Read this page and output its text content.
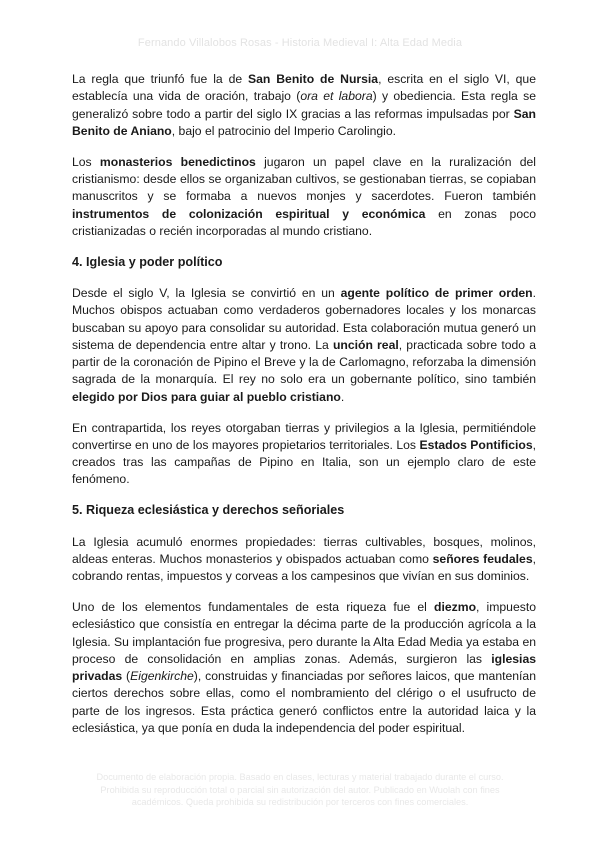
Fernando Villalobos Rosas - Historia Medieval I: Alta Edad Media

La regla que triunfó fue la de San Benito de Nursia, escrita en el siglo VI, que establecía una vida de oración, trabajo (ora et labora) y obediencia. Esta regla se generalizó sobre todo a partir del siglo IX gracias a las reformas impulsadas por San Benito de Aniano, bajo el patrocinio del Imperio Carolingio.

Los monasterios benedictinos jugaron un papel clave en la ruralización del cristianismo: desde ellos se organizaban cultivos, se gestionaban tierras, se copiaban manuscritos y se formaba a nuevos monjes y sacerdotes. Fueron también instrumentos de colonización espiritual y económica en zonas poco cristianizadas o recién incorporadas al mundo cristiano.

4. Iglesia y poder político

Desde el siglo V, la Iglesia se convirtió en un agente político de primer orden. Muchos obispos actuaban como verdaderos gobernadores locales y los monarcas buscaban su apoyo para consolidar su autoridad. Esta colaboración mutua generó un sistema de dependencia entre altar y trono. La unción real, practicada sobre todo a partir de la coronación de Pipino el Breve y la de Carlomagno, reforzaba la dimensión sagrada de la monarquía. El rey no solo era un gobernante político, sino también elegido por Dios para guiar al pueblo cristiano.

En contrapartida, los reyes otorgaban tierras y privilegios a la Iglesia, permitiéndole convertirse en uno de los mayores propietarios territoriales. Los Estados Pontificios, creados tras las campañas de Pipino en Italia, son un ejemplo claro de este fenómeno.

5. Riqueza eclesiástica y derechos señoriales

La Iglesia acumuló enormes propiedades: tierras cultivables, bosques, molinos, aldeas enteras. Muchos monasterios y obispados actuaban como señores feudales, cobrando rentas, impuestos y corveas a los campesinos que vivían en sus dominios.

Uno de los elementos fundamentales de esta riqueza fue el diezmo, impuesto eclesiástico que consistía en entregar la décima parte de la producción agrícola a la Iglesia. Su implantación fue progresiva, pero durante la Alta Edad Media ya estaba en proceso de consolidación en amplias zonas. Además, surgieron las iglesias privadas (Eigenkirche), construidas y financiadas por señores laicos, que mantenían ciertos derechos sobre ellas, como el nombramiento del clérigo o el usufructo de parte de los ingresos. Esta práctica generó conflictos entre la autoridad laica y la eclesiástica, ya que ponía en duda la independencia del poder espiritual.

Documento de elaboración propia. Basado en clases, lecturas y material trabajado durante el curso. Prohibida su reproducción total o parcial sin autorización del autor. Publicado en Wuolah con fines académicos. Queda prohibida su redistribución por terceros con fines comerciales.
